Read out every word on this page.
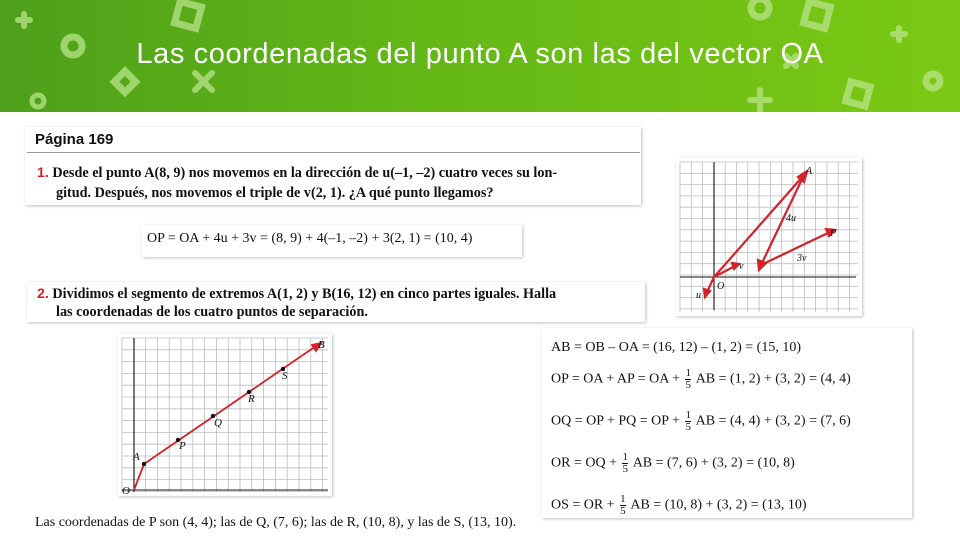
Las coordenadas del punto A son las del vector OA
Página 169
1. Desde el punto A(8, 9) nos movemos en la dirección de u(–1, –2) cuatro veces su lon-
gitud. Después, nos movemos el triple de v(2, 1). ¿A qué punto llegamos?
OP = OA + 4u + 3v = (8, 9) + 4(–1, –2) + 3(2, 1) = (10, 4)
A
P
O
u
v
4u
3v
2. Dividimos el segmento de extremos A(1, 2) y B(16, 12) en cinco partes iguales. Halla
las coordenadas de los cuatro puntos de separación.
A
B
O
P
Q
R
S
AB = OB – OA = (16, 12) – (1, 2) = (15, 10)
OP = OA + AP = OA + $\frac{1}{5}$ AB = (1, 2) + (3, 2) = (4, 4)
OQ = OP + PQ = OP + $\frac{1}{5}$ AB = (4, 4) + (3, 2) = (7, 6)
OR = OQ + $\frac{1}{5}$ AB = (7, 6) + (3, 2) = (10, 8)
OS = OR + $\frac{1}{5}$ AB = (10, 8) + (3, 2) = (13, 10)
Las coordenadas de P son (4, 4); las de Q, (7, 6); las de R, (10, 8), y las de S, (13, 10).
